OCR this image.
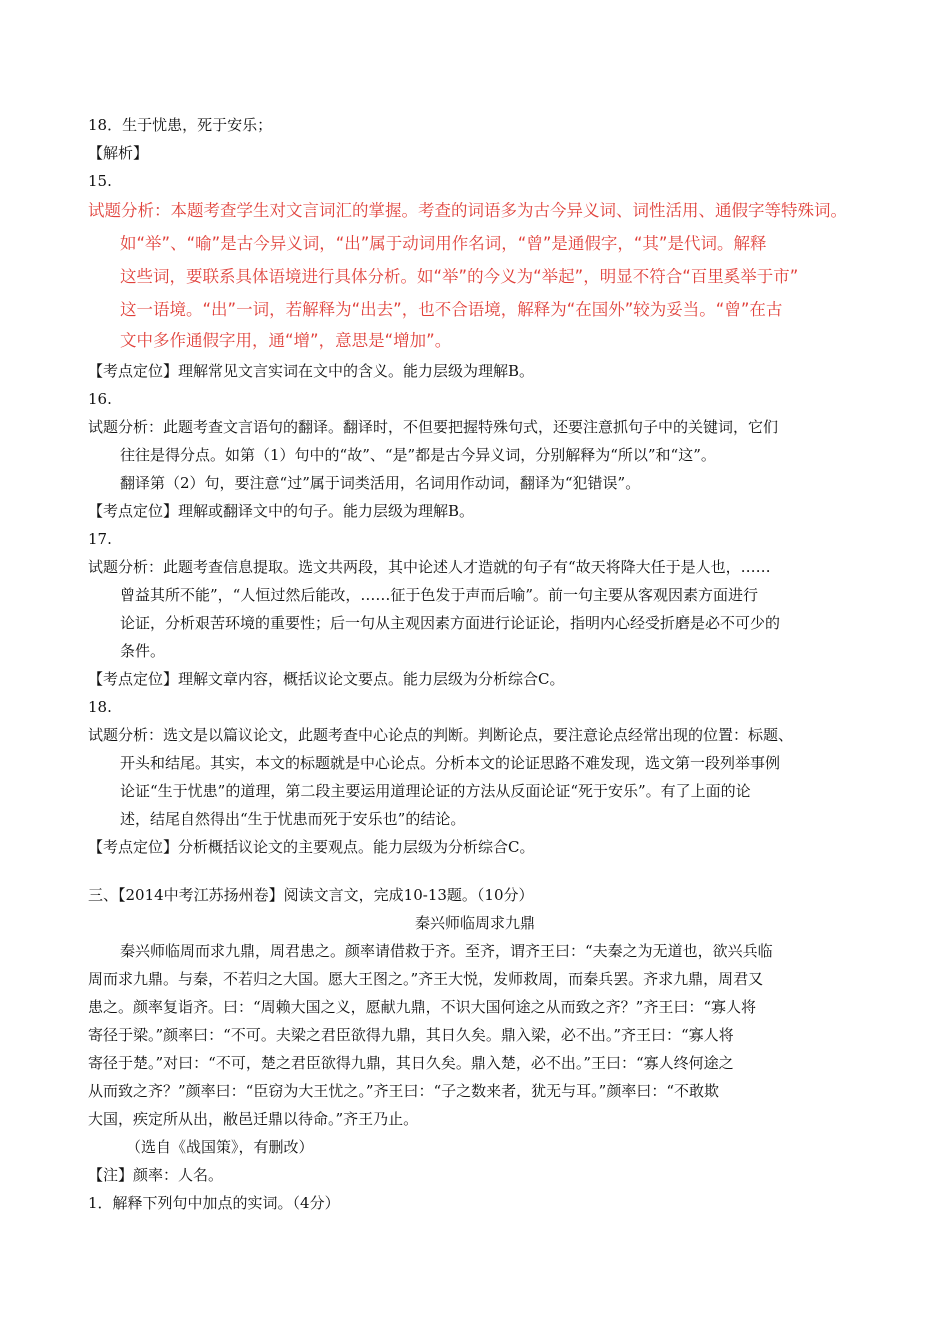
18．生于忧患，死于安乐；
【解析】
15.
试题分析：本题考查学生对文言词汇的掌握。考查的词语多为古今异义词、词性活用、通假字等特殊词。
如“举”、“喻”是古今异义词，“出”属于动词用作名词，“曾”是通假字，“其”是代词。解释
这些词，要联系具体语境进行具体分析。如“举”的今义为“举起”，明显不符合“百里奚举于市”
这一语境。“出”一词，若解释为“出去”，也不合语境，解释为“在国外”较为妥当。“曾”在古
文中多作通假字用，通“增”，意思是“增加”。
【考点定位】理解常见文言实词在文中的含义。能力层级为理解B。
16.
试题分析：此题考查文言语句的翻译。翻译时，不但要把握特殊句式，还要注意抓句子中的关键词，它们
往往是得分点。如第（1）句中的“故”、“是”都是古今异义词，分别解释为“所以”和“这”。
翻译第（2）句，要注意“过”属于词类活用，名词用作动词，翻译为“犯错误”。
【考点定位】理解或翻译文中的句子。能力层级为理解B。
17.
试题分析：此题考查信息提取。选文共两段，其中论述人才造就的句子有“故天将降大任于是人也，……
曾益其所不能”，“人恒过然后能改，……征于色发于声而后喻”。前一句主要从客观因素方面进行
论证，分析艰苦环境的重要性；后一句从主观因素方面进行论证论，指明内心经受折磨是必不可少的
条件。
【考点定位】理解文章内容，概括议论文要点。能力层级为分析综合C。
18.
试题分析：选文是以篇议论文，此题考查中心论点的判断。判断论点，要注意论点经常出现的位置：标题、
开头和结尾。其实，本文的标题就是中心论点。分析本文的论证思路不难发现，选文第一段列举事例
论证“生于忧患”的道理，第二段主要运用道理论证的方法从反面论证“死于安乐”。有了上面的论
述，结尾自然得出“生于忧患而死于安乐也”的结论。
【考点定位】分析概括议论文的主要观点。能力层级为分析综合C。
三、【2014中考江苏扬州卷】阅读文言文，完成10-13题。（10分）
秦兴师临周求九鼎
秦兴师临周而求九鼎，周君患之。颜率请借救于齐。至齐，谓齐王曰：“夫秦之为无道也，欲兴兵临
周而求九鼎。与秦，不若归之大国。愿大王图之。”齐王大悦，发师救周，而秦兵罢。齐求九鼎，周君又
患之。颜率复诣齐。曰：“周赖大国之义，愿献九鼎，不识大国何途之从而致之齐？”齐王曰：“寡人将
寄径于梁。”颜率曰：“不可。夫梁之君臣欲得九鼎，其日久矣。鼎入梁，必不出。”齐王曰：“寡人将
寄径于楚。”对曰：“不可，楚之君臣欲得九鼎，其日久矣。鼎入楚，必不出。”王曰：“寡人终何途之
从而致之齐？”颜率曰：“臣窃为大王忧之。”齐王曰：“子之数来者，犹无与耳。”颜率曰：“不敢欺
大国，疾定所从出，敝邑迁鼎以待命。”齐王乃止。
（选自《战国策》，有删改）
【注】颜率：人名。
1．解释下列句中加点的实词。（4分）
